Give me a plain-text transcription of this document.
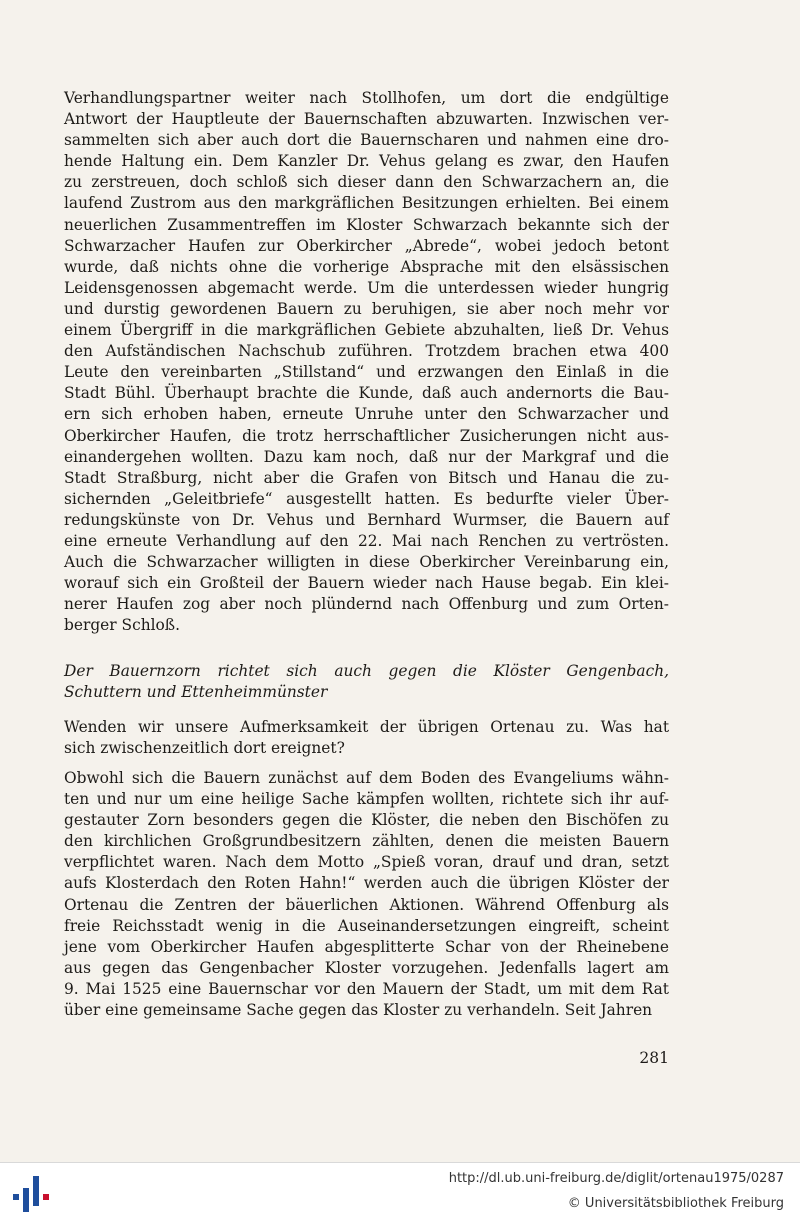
Verhandlungspartner weiter nach Stollhofen, um dort die endgültige
Antwort der Hauptleute der Bauernschaften abzuwarten. Inzwischen ver-
sammelten sich aber auch dort die Bauernscharen und nahmen eine dro-
hende Haltung ein. Dem Kanzler Dr. Vehus gelang es zwar, den Haufen
zu zerstreuen, doch schloß sich dieser dann den Schwarzachern an, die
laufend Zustrom aus den markgräflichen Besitzungen erhielten. Bei einem
neuerlichen Zusammentreffen im Kloster Schwarzach bekannte sich der
Schwarzacher Haufen zur Oberkircher „Abrede“, wobei jedoch betont
wurde, daß nichts ohne die vorherige Absprache mit den elsässischen
Leidensgenossen abgemacht werde. Um die unterdessen wieder hungrig
und durstig gewordenen Bauern zu beruhigen, sie aber noch mehr vor
einem Übergriff in die markgräflichen Gebiete abzuhalten, ließ Dr. Vehus
den Aufständischen Nachschub zuführen. Trotzdem brachen etwa 400
Leute den vereinbarten „Stillstand“ und erzwangen den Einlaß in die
Stadt Bühl. Überhaupt brachte die Kunde, daß auch andernorts die Bau-
ern sich erhoben haben, erneute Unruhe unter den Schwarzacher und
Oberkircher Haufen, die trotz herrschaftlicher Zusicherungen nicht aus-
einandergehen wollten. Dazu kam noch, daß nur der Markgraf und die
Stadt Straßburg, nicht aber die Grafen von Bitsch und Hanau die zu-
sichernden „Geleitbriefe“ ausgestellt hatten. Es bedurfte vieler Über-
redungskünste von Dr. Vehus und Bernhard Wurmser, die Bauern auf
eine erneute Verhandlung auf den 22. Mai nach Renchen zu vertrösten.
Auch die Schwarzacher willigten in diese Oberkircher Vereinbarung ein,
worauf sich ein Großteil der Bauern wieder nach Hause begab. Ein klei-
nerer Haufen zog aber noch plündernd nach Offenburg und zum Orten-
berger Schloß.
Der Bauernzorn richtet sich auch gegen die Klöster Gengenbach,
Schuttern und Ettenheimmünster
Wenden wir unsere Aufmerksamkeit der übrigen Ortenau zu. Was hat
sich zwischenzeitlich dort ereignet?
Obwohl sich die Bauern zunächst auf dem Boden des Evangeliums wähn-
ten und nur um eine heilige Sache kämpfen wollten, richtete sich ihr auf-
gestauter Zorn besonders gegen die Klöster, die neben den Bischöfen zu
den kirchlichen Großgrundbesitzern zählten, denen die meisten Bauern
verpflichtet waren. Nach dem Motto „Spieß voran, drauf und dran, setzt
aufs Klosterdach den Roten Hahn!“ werden auch die übrigen Klöster der
Ortenau die Zentren der bäuerlichen Aktionen. Während Offenburg als
freie Reichsstadt wenig in die Auseinandersetzungen eingreift, scheint
jene vom Oberkircher Haufen abgesplitterte Schar von der Rheinebene
aus gegen das Gengenbacher Kloster vorzugehen. Jedenfalls lagert am
9. Mai 1525 eine Bauernschar vor den Mauern der Stadt, um mit dem Rat
über eine gemeinsame Sache gegen das Kloster zu verhandeln. Seit Jahren
281
http://dl.ub.uni-freiburg.de/diglit/ortenau1975/0287
© Universitätsbibliothek Freiburg
